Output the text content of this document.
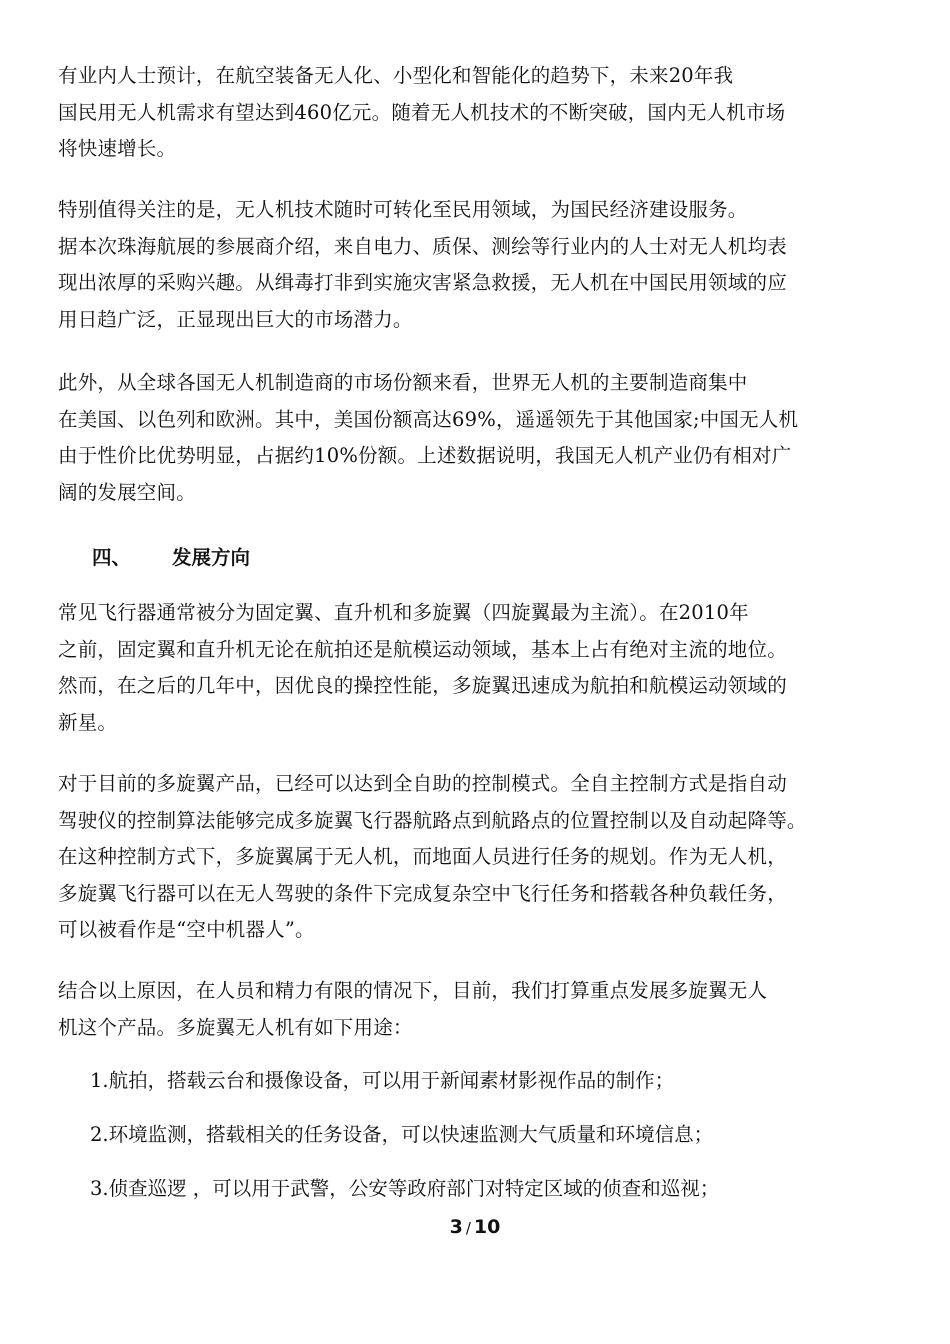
有业内人士预计，在航空装备无人化、小型化和智能化的趋势下，未来20年我
国民用无人机需求有望达到460亿元。随着无人机技术的不断突破，国内无人机市场
将快速增长。
特别值得关注的是，无人机技术随时可转化至民用领域，为国民经济建设服务。
据本次珠海航展的参展商介绍，来自电力、质保、测绘等行业内的人士对无人机均表
现出浓厚的采购兴趣。从缉毒打非到实施灾害紧急救援，无人机在中国民用领域的应
用日趋广泛，正显现出巨大的市场潜力。
此外，从全球各国无人机制造商的市场份额来看，世界无人机的主要制造商集中
在美国、以色列和欧洲。其中，美国份额高达69%，遥遥领先于其他国家;中国无人机
由于性价比优势明显，占据约10%份额。上述数据说明，我国无人机产业仍有相对广
阔的发展空间。
四、 发展方向
常见飞行器通常被分为固定翼、直升机和多旋翼（四旋翼最为主流）。在2010年
之前，固定翼和直升机无论在航拍还是航模运动领域，基本上占有绝对主流的地位。
然而，在之后的几年中，因优良的操控性能，多旋翼迅速成为航拍和航模运动领域的
新星。
对于目前的多旋翼产品，已经可以达到全自助的控制模式。全自主控制方式是指自动
驾驶仪的控制算法能够完成多旋翼飞行器航路点到航路点的位置控制以及自动起降等。
在这种控制方式下，多旋翼属于无人机，而地面人员进行任务的规划。作为无人机，
多旋翼飞行器可以在无人驾驶的条件下完成复杂空中飞行任务和搭载各种负载任务，
可以被看作是“空中机器人”。
结合以上原因，在人员和精力有限的情况下，目前，我们打算重点发展多旋翼无人
机这个产品。多旋翼无人机有如下用途：
1.航拍，搭载云台和摄像设备，可以用于新闻素材影视作品的制作；
2.环境监测，搭载相关的任务设备，可以快速监测大气质量和环境信息；
3.侦查巡逻 ，可以用于武警，公安等政府部门对特定区域的侦查和巡视；
3 / 10
